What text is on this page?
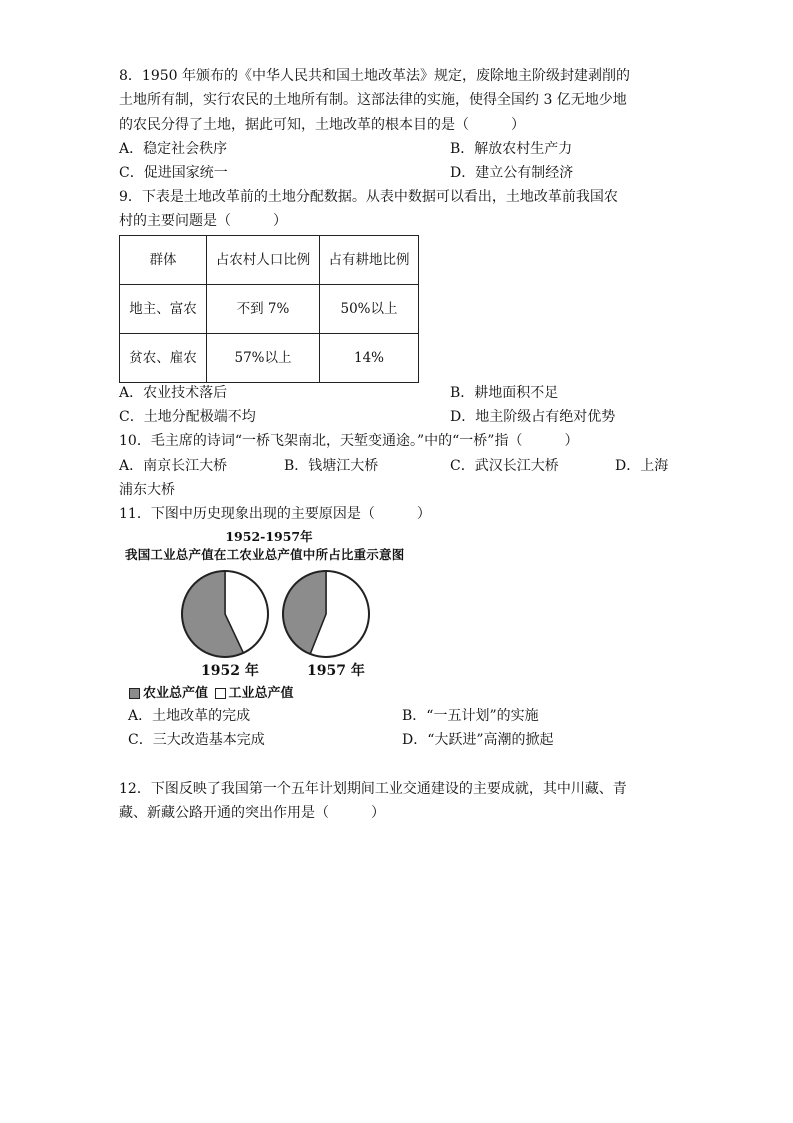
8．1950 年颁布的《中华人民共和国土地改革法》规定，废除地主阶级封建剥削的
土地所有制，实行农民的土地所有制。这部法律的实施，使得全国约 3 亿无地少地
的农民分得了土地，据此可知，土地改革的根本目的是（　　　）
A．稳定社会秩序	B．解放农村生产力
C．促进国家统一	D．建立公有制经济
9．下表是土地改革前的土地分配数据。从表中数据可以看出，土地改革前我国农
村的主要问题是（　　　）
群体	占农村人口比例	占有耕地比例
地主、富农	不到 7%	50%以上
贫农、雇农	57%以上	14%
A．农业技术落后	B．耕地面积不足
C．土地分配极端不均	D．地主阶级占有绝对优势
10．毛主席的诗词“一桥飞架南北，天堑变通途。”中的“一桥”指（　　　）
A．南京长江大桥	B．钱塘江大桥	C．武汉长江大桥	D．上海
浦东大桥
11．下图中历史现象出现的主要原因是（　　　）
1952-1957年
我国工业总产值在工农业总产值中所占比重示意图
1952 年	1957 年
农业总产值 工业总产值
A．土地改革的完成	B．“一五计划”的实施
C．三大改造基本完成	D．“大跃进”高潮的掀起
12．下图反映了我国第一个五年计划期间工业交通建设的主要成就，其中川藏、青
藏、新藏公路开通的突出作用是（　　　）
